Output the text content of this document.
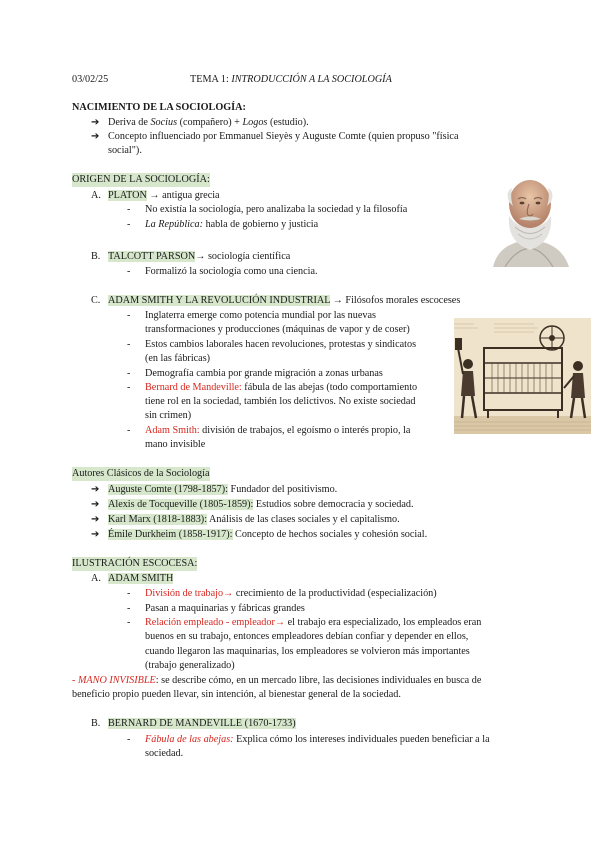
03/02/25	TEMA 1: INTRODUCCIÓN A LA SOCIOLOGÍA
NACIMIENTO DE LA SOCIOLOGÍA:
➔ Deriva de Socius (compañero) + Logos (estudio).
➔ Concepto influenciado por Emmanuel Sieyès y Auguste Comte (quien propuso "física
social").
ORIGEN DE LA SOCIOLOGÍA:
A. PLATON → antigua grecia
- No existía la sociología, pero analizaba la sociedad y la filosofía
- La República: habla de gobierno y justicia
B. TALCOTT PARSON→ sociología científica
- Formalizó la sociología como una ciencia.
C. ADAM SMITH Y LA REVOLUCIÓN INDUSTRIAL → Filósofos morales escoceses
- Inglaterra emerge como potencia mundial por las nuevas
transformaciones y producciones (máquinas de vapor y de coser)
- Estos cambios laborales hacen revoluciones, protestas y sindicatos
(en las fábricas)
- Demografía cambia por grande migración a zonas urbanas
- Bernard de Mandeville: fábula de las abejas (todo comportamiento
tiene rol en la sociedad, también los delictivos. No existe sociedad
sin crimen)
- Adam Smith: división de trabajos, el egoísmo o interés propio, la
mano invisible
Autores Clásicos de la Sociología
➔ Auguste Comte (1798-1857): Fundador del positivismo.
➔ Alexis de Tocqueville (1805-1859): Estudios sobre democracia y sociedad.
➔ Karl Marx (1818-1883): Análisis de las clases sociales y el capitalismo.
➔ Émile Durkheim (1858-1917): Concepto de hechos sociales y cohesión social.
ILUSTRACIÓN ESCOCESA:
A. ADAM SMITH
- División de trabajo→ crecimiento de la productividad (especialización)
- Pasan a maquinarias y fábricas grandes
- Relación empleado - empleador→ el trabajo era especializado, los empleados eran
buenos en su trabajo, entonces empleadores debían confiar y depender en ellos,
cuando llegaron las maquinarias, los empleadores se volvieron más importantes
(trabajo generalizado)
- MANO INVISIBLE: se describe cómo, en un mercado libre, las decisiones individuales en busca de
beneficio propio pueden llevar, sin intención, al bienestar general de la sociedad.
B. BERNARD DE MANDEVILLE (1670-1733)
- Fábula de las abejas: Explica cómo los intereses individuales pueden beneficiar a la
sociedad.
